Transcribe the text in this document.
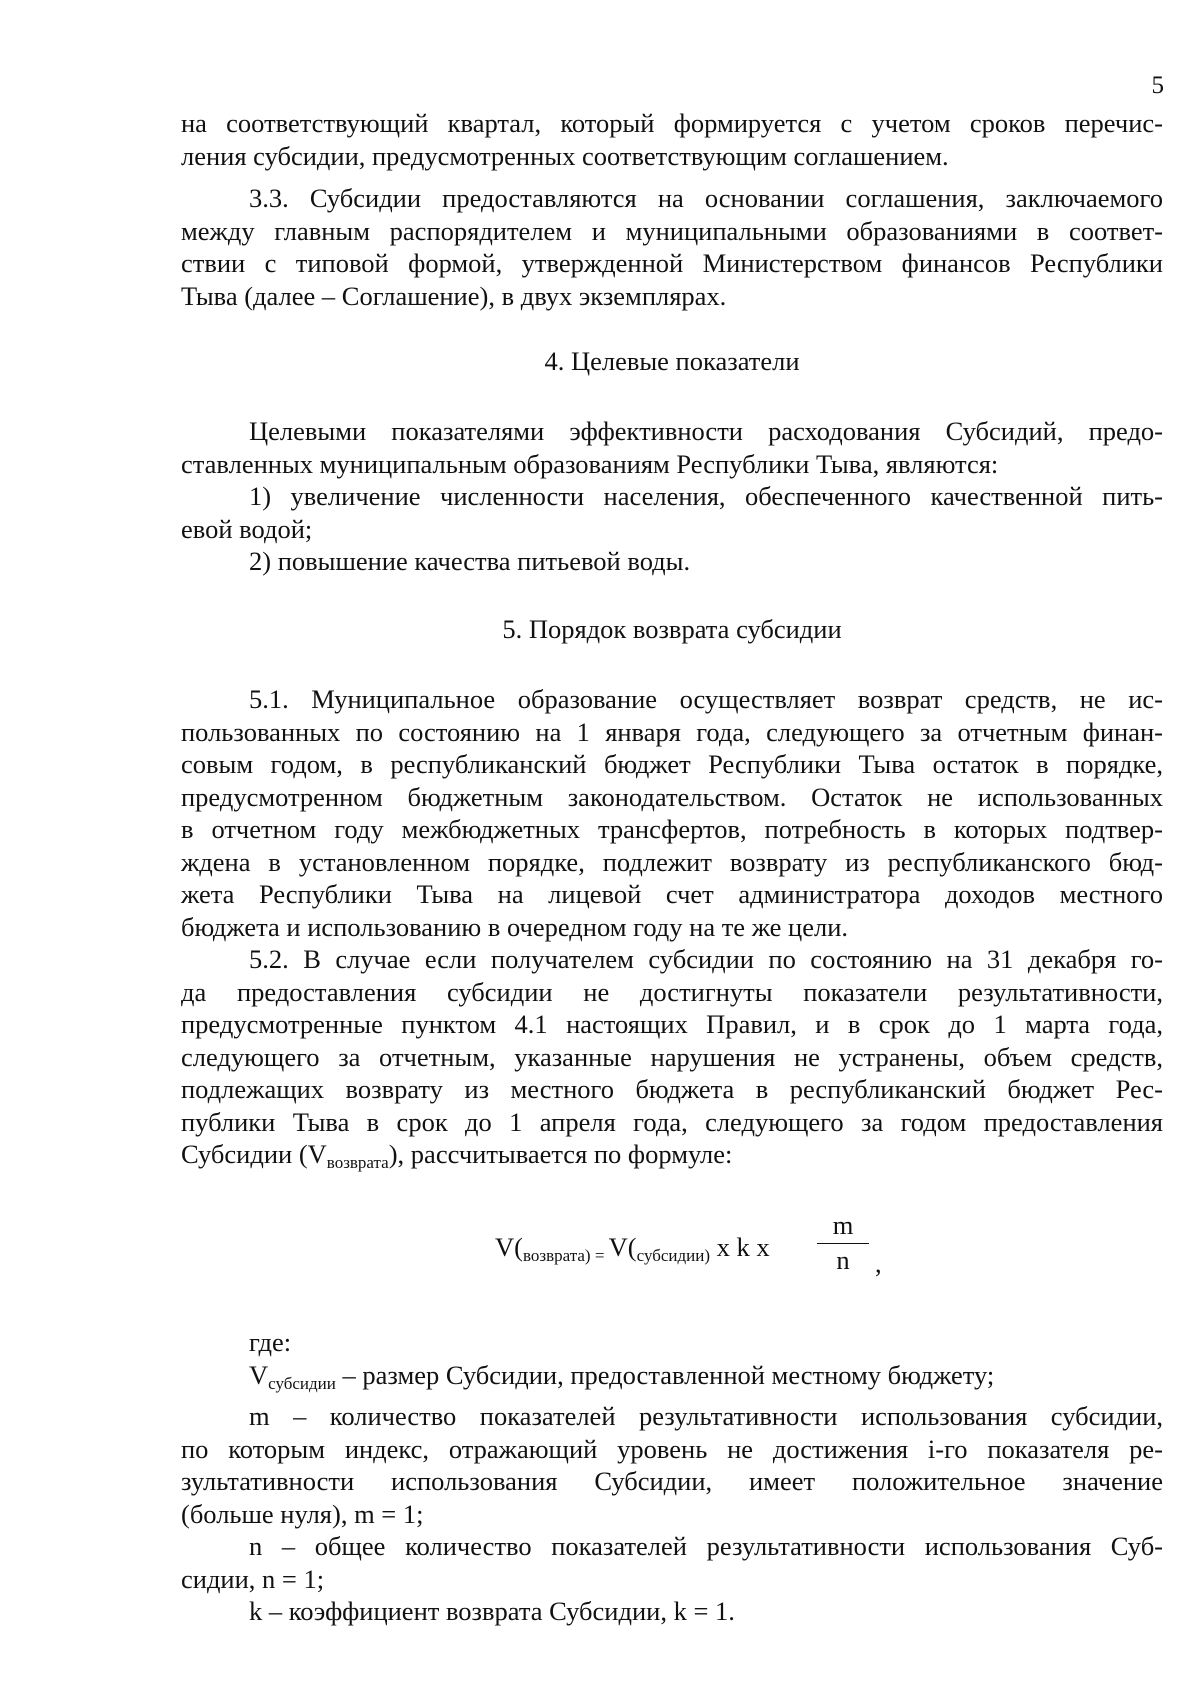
5

на соответствующий квартал, который формируется с учетом сроков перечис-

ления субсидии, предусмотренных соответствующим соглашением.

3.3. Субсидии предоставляются на основании соглашения, заключаемого

между главным распорядителем и муниципальными образованиями в соответ-

ствии с типовой формой, утвержденной Министерством финансов Республики

Тыва (далее – Соглашение), в двух экземплярах.

4. Целевые показатели

Целевыми показателями эффективности расходования Субсидий, предо-

ставленных муниципальным образованиям Республики Тыва, являются:

1) увеличение численности населения, обеспеченного качественной пить-

евой водой;

2) повышение качества питьевой воды.

5. Порядок возврата субсидии

5.1. Муниципальное образование осуществляет возврат средств, не ис-

пользованных по состоянию на 1 января года, следующего за отчетным финан-

совым годом, в республиканский бюджет Республики Тыва остаток в порядке,

предусмотренном бюджетным законодательством. Остаток не использованных

в отчетном году межбюджетных трансфертов, потребность в которых подтвер-

ждена в установленном порядке, подлежит возврату из республиканского бюд-

жета Республики Тыва на лицевой счет администратора доходов местного

бюджета и использованию в очередном году на те же цели.

5.2. В случае если получателем субсидии по состоянию на 31 декабря го-

да предоставления субсидии не достигнуты показатели результативности,

предусмотренные пунктом 4.1 настоящих Правил, и в срок до 1 марта года,

следующего за отчетным, указанные нарушения не устранены, объем средств,

подлежащих возврату из местного бюджета в республиканский бюджет Рес-

публики Тыва в срок до 1 апреля года, следующего за годом предоставления

Субсидии $(V_{возврата})$, рассчитывается по формуле:

$V(_{возврата)}$ $_=$ $V(_{субсидии)}$ x k x
m
n ,

где:

$V_{субсидии}$ – размер Субсидии, предоставленной местному бюджету;

m – количество показателей результативности использования субсидии,

по которым индекс, отражающий уровень не достижения i-го показателя ре-

зультативности использования Субсидии, имеет положительное значение

(больше нуля), m = 1;

n – общее количество показателей результативности использования Суб-

сидии, n = 1;

k – коэффициент возврата Субсидии, k = 1.
